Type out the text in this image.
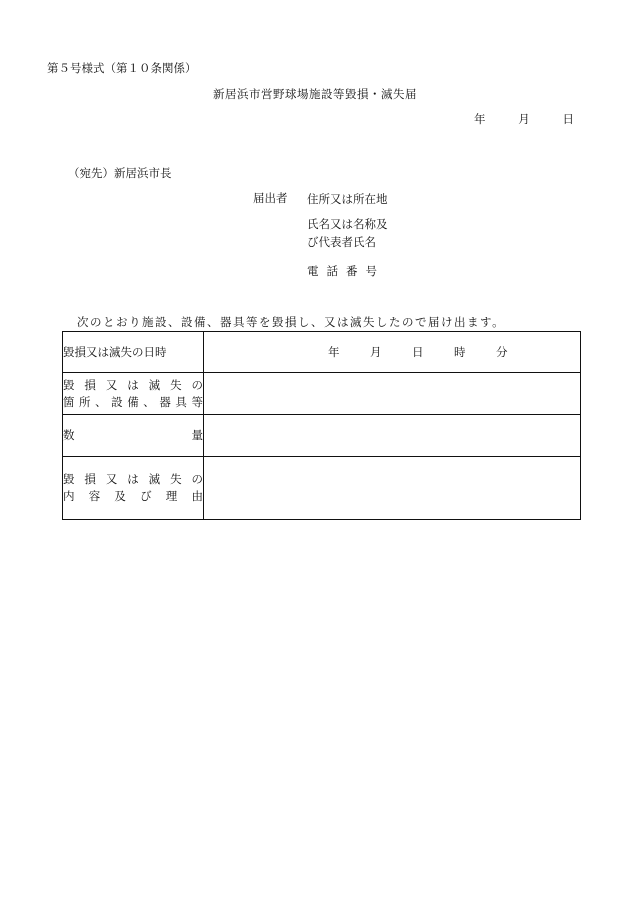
第５号様式（第１０条関係）
新居浜市営野球場施設等毀損・滅失届
年	月	日
（宛先）新居浜市長
届出者 住所又は所在地
氏名又は名称及び代表者氏名
電話番号
次のとおり施設、設備、器具等を毀損し、又は滅失したので届け出ます。
毀損又は滅失の日時	年 月 日 時 分

毀損又は滅失の
箇所、設備、器具等	

数量	

毀損又は滅失の
内容及び理由	
